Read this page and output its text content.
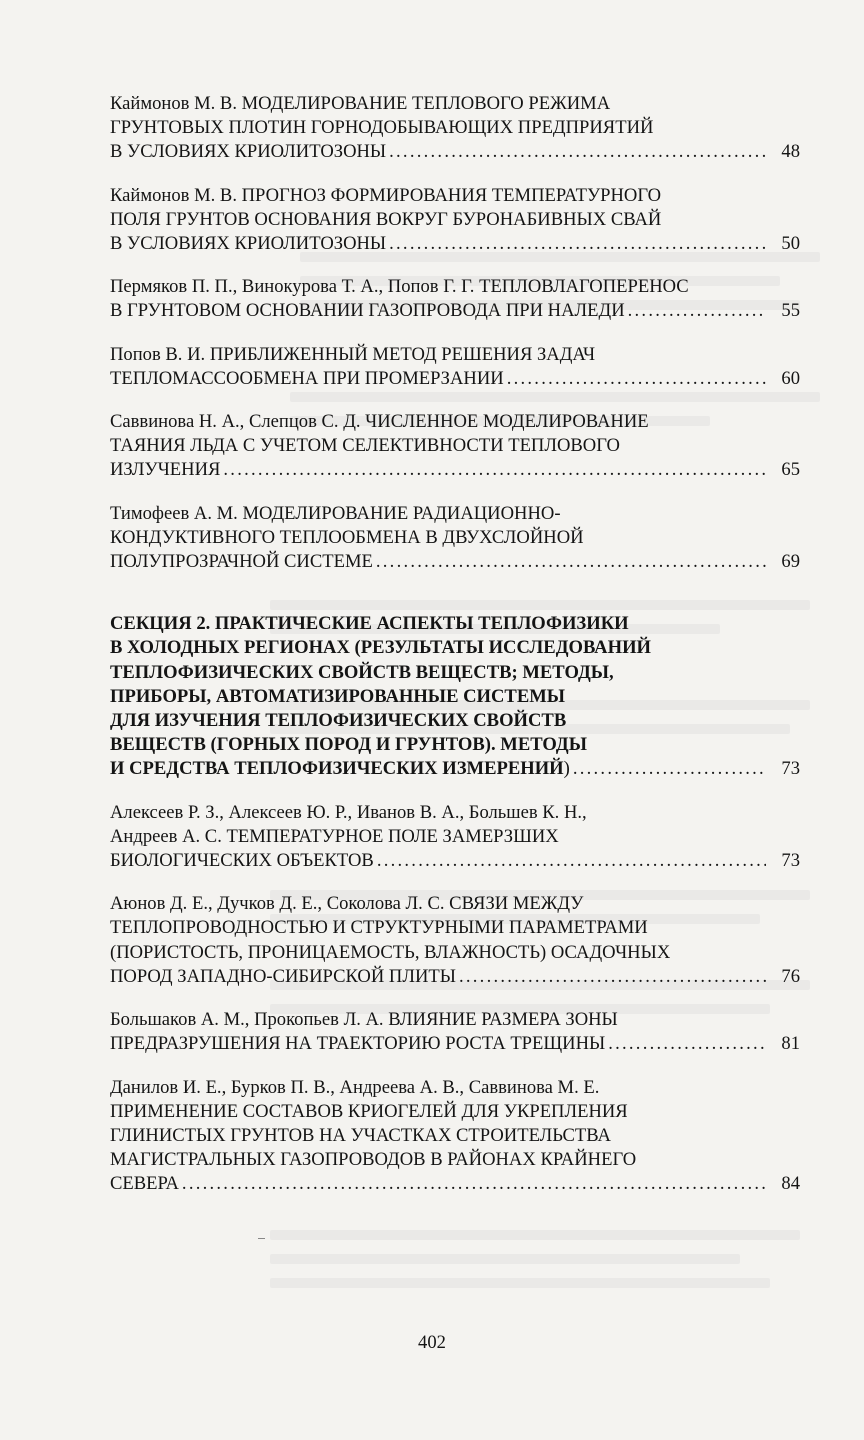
Каймонов М. В. МОДЕЛИРОВАНИЕ ТЕПЛОВОГО РЕЖИМА
ГРУНТОВЫХ ПЛОТИН ГОРНОДОБЫВАЮЩИХ ПРЕДПРИЯТИЙ
В УСЛОВИЯХ КРИОЛИТОЗОНЫ . . .	48
Каймонов М. В. ПРОГНОЗ ФОРМИРОВАНИЯ ТЕМПЕРАТУРНОГО
ПОЛЯ ГРУНТОВ ОСНОВАНИЯ ВОКРУГ БУРОНАБИВНЫХ СВАЙ
В УСЛОВИЯХ КРИОЛИТОЗОНЫ . . .	50
Пермяков П. П., Винокурова Т. А., Попов Г. Г. ТЕПЛОВЛАГОПЕРЕНОС
В ГРУНТОВОМ ОСНОВАНИИ ГАЗОПРОВОДА ПРИ НАЛЕДИ . . .	55
Попов В. И. ПРИБЛИЖЕННЫЙ МЕТОД РЕШЕНИЯ ЗАДАЧ
ТЕПЛОМАССООБМЕНА ПРИ ПРОМЕРЗАНИИ . . .	60
Саввинова Н. А., Слепцов С. Д. ЧИСЛЕННОЕ МОДЕЛИРОВАНИЕ
ТАЯНИЯ ЛЬДА С УЧЕТОМ СЕЛЕКТИВНОСТИ ТЕПЛОВОГО
ИЗЛУЧЕНИЯ . . .	65
Тимофеев А. М. МОДЕЛИРОВАНИЕ РАДИАЦИОННО-
КОНДУКТИВНОГО ТЕПЛООБМЕНА В ДВУХСЛОЙНОЙ
ПОЛУПРОЗРАЧНОЙ СИСТЕМЕ . . .	69
СЕКЦИЯ 2. ПРАКТИЧЕСКИЕ АСПЕКТЫ ТЕПЛОФИЗИКИ
В ХОЛОДНЫХ РЕГИОНАХ (РЕЗУЛЬТАТЫ ИССЛЕДОВАНИЙ
ТЕПЛОФИЗИЧЕСКИХ СВОЙСТВ ВЕЩЕСТВ; МЕТОДЫ,
ПРИБОРЫ, АВТОМАТИЗИРОВАННЫЕ СИСТЕМЫ
ДЛЯ ИЗУЧЕНИЯ ТЕПЛОФИЗИЧЕСКИХ СВОЙСТВ
ВЕЩЕСТВ (ГОРНЫХ ПОРОД И ГРУНТОВ). МЕТОДЫ
И СРЕДСТВА ТЕПЛОФИЗИЧЕСКИХ ИЗМЕРЕНИЙ ) . . .	73
Алексеев Р. З., Алексеев Ю. Р., Иванов В. А., Большев К. Н.,
Андреев А. С. ТЕМПЕРАТУРНОЕ ПОЛЕ ЗАМЕРЗШИХ
БИОЛОГИЧЕСКИХ ОБЪЕКТОВ . . .	73
Аюнов Д. Е., Дучков Д. Е., Соколова Л. С. СВЯЗИ МЕЖДУ
ТЕПЛОПРОВОДНОСТЬЮ И СТРУКТУРНЫМИ ПАРАМЕТРАМИ
(ПОРИСТОСТЬ, ПРОНИЦАЕМОСТЬ, ВЛАЖНОСТЬ) ОСАДОЧНЫХ
ПОРОД ЗАПАДНО-СИБИРСКОЙ ПЛИТЫ . . .	76
Большаков А. М., Прокопьев Л. А. ВЛИЯНИЕ РАЗМЕРА ЗОНЫ
ПРЕДРАЗРУШЕНИЯ НА ТРАЕКТОРИЮ РОСТА ТРЕЩИНЫ . . .	81
Данилов И. Е., Бурков П. В., Андреева А. В., Саввинова М. Е.
ПРИМЕНЕНИЕ СОСТАВОВ КРИОГЕЛЕЙ ДЛЯ УКРЕПЛЕНИЯ
ГЛИНИСТЫХ ГРУНТОВ НА УЧАСТКАХ СТРОИТЕЛЬСТВА
МАГИСТРАЛЬНЫХ ГАЗОПРОВОДОВ В РАЙОНАХ КРАЙНЕГО
СЕВЕРА . . .	84
402
